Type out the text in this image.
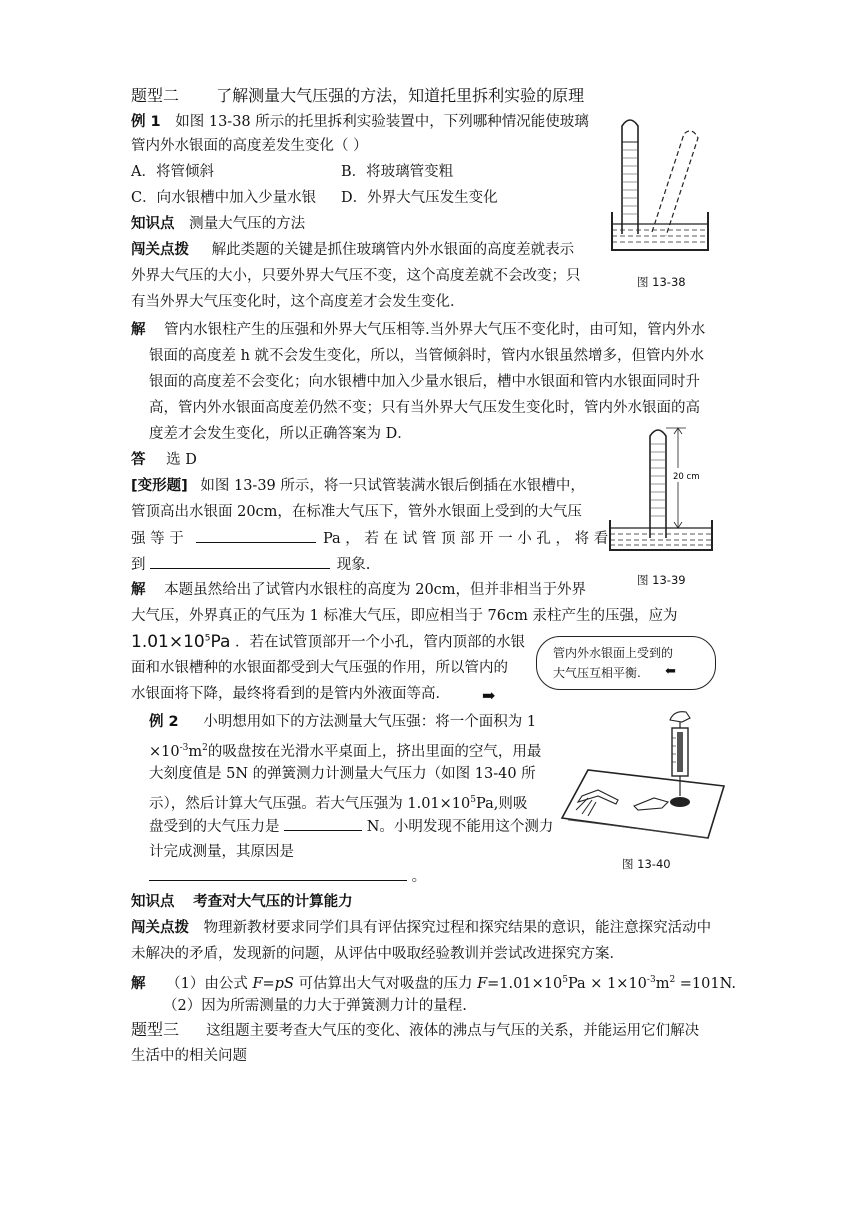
题型二 了解测量大气压强的方法，知道托里拆利实验的原理
例 1 如图 13-38 所示的托里拆利实验装置中，下列哪种情况能使玻璃
管内外水银面的高度差发生变化（ ）
A．将管倾斜	B．将玻璃管变粗
C．向水银槽中加入少量水银 D．外界大气压发生变化
知识点 测量大气压的方法
闯关点拨 解此类题的关键是抓住玻璃管内外水银面的高度差就表示
外界大气压的大小，只要外界大气压不变，这个高度差就不会改变；只
有当外界大气压变化时，这个高度差才会发生变化．
图 13-38
解 管内水银柱产生的压强和外界大气压相等.当外界大气压不变化时，由可知，管内外水
银面的高度差 h 就不会发生变化，所以，当管倾斜时，管内水银虽然增多，但管内外水
银面的高度差不会变化；向水银槽中加入少量水银后，槽中水银面和管内水银面同时升
高，管内外水银面高度差仍然不变；只有当外界大气压发生变化时，管内外水银面的高
度差才会发生变化，所以正确答案为 D．
答 选 D
[变形题] 如图 13-39 所示，将一只试管装满水银后倒插在水银槽中，
管顶高出水银面 20cm，在标准大气压下，管外水银面上受到的大气压
强 等 于	Pa ， 若 在 试 管 顶 部 开 一 小 孔 ， 将 看
到	现象.
20 cm
图 13-39
解 本题虽然给出了试管内水银柱的高度为 20cm，但并非相当于外界
大气压，外界真正的气压为 1 标准大气压，即应相当于 76cm 汞柱产生的压强，应为
$1.01\times 10^5Pa$ ．若在试管顶部开一个小孔，管内顶部的水银
面和水银槽种的水银面都受到大气压强的作用，所以管内的
水银面将下降，最终将看到的是管内外液面等高． ➡
管内外水银面上受到的
大气压互相平衡. ⬅
例 2 小明想用如下的方法测量大气压强：将一个面积为 1
$\times 10^{-3}m^2$的吸盘按在光滑水平桌面上，挤出里面的空气，用最
大刻度值是 5N 的弹簧测力计测量大气压力（如图 13-40 所
示），然后计算大气压强。若大气压强为 $1.01\times 10^5Pa$,则吸
盘受到的大气压力是	N。小明发现不能用这个测力
计完成测量，其原因是
。
图 13-40
知识点 考查对大气压的计算能力
闯关点拨 物理新教材要求同学们具有评估探究过程和探究结果的意识，能注意探究活动中
未解决的矛盾，发现新的问题，从评估中吸取经验教训并尝试改进探究方案．
解 （1）由公式 F=pS 可估算出大气对吸盘的压力 $F=1.01\times 10^5Pa \times 1\times 10^{-3}m^2 =101N$.
（2）因为所需测量的力大于弹簧测力计的量程.
题型三 这组题主要考查大气压的变化、液体的沸点与气压的关系，并能运用它们解决
生活中的相关问题
